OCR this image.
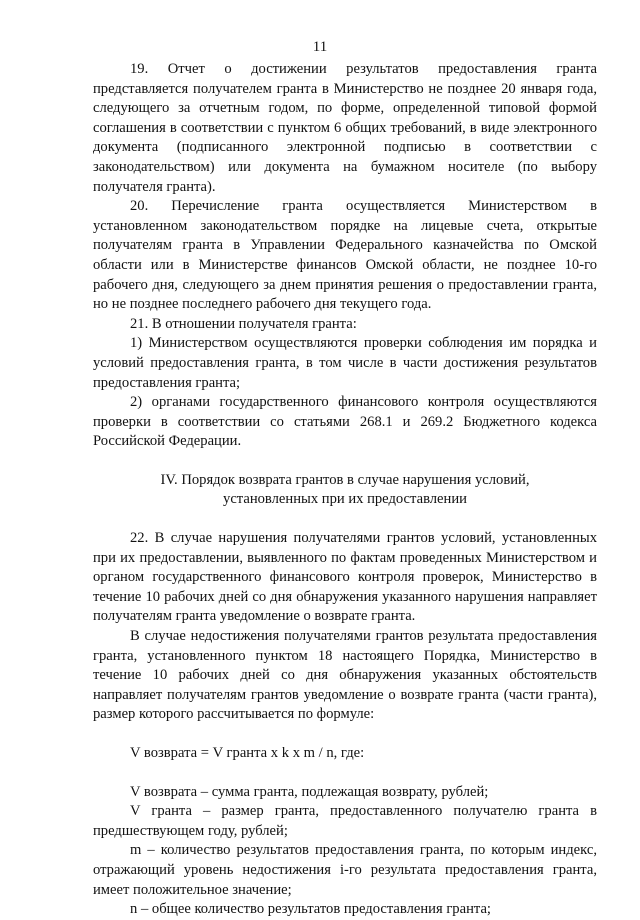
11

19. Отчет о достижении результатов предоставления гранта представляется получателем гранта в Министерство не позднее 20 января года, следующего за отчетным годом, по форме, определенной типовой формой соглашения в соответствии с пунктом 6 общих требований, в виде электронного документа (подписанного электронной подписью в соответствии с законодательством) или документа на бумажном носителе (по выбору получателя гранта).

20. Перечисление гранта осуществляется Министерством в установленном законодательством порядке на лицевые счета, открытые получателям гранта в Управлении Федерального казначейства по Омской области или в Министерстве финансов Омской области, не позднее 10-го рабочего дня, следующего за днем принятия решения о предоставлении гранта, но не позднее последнего рабочего дня текущего года.

21. В отношении получателя гранта:

1) Министерством осуществляются проверки соблюдения им порядка и условий предоставления гранта, в том числе в части достижения результатов предоставления гранта;

2) органами государственного финансового контроля осуществляются проверки в соответствии со статьями 268.1 и 269.2 Бюджетного кодекса Российской Федерации.

IV. Порядок возврата грантов в случае нарушения условий, установленных при их предоставлении

22. В случае нарушения получателями грантов условий, установленных при их предоставлении, выявленного по фактам проведенных Министерством и органом государственного финансового контроля проверок, Министерство в течение 10 рабочих дней со дня обнаружения указанного нарушения направляет получателям гранта уведомление о возврате гранта.

В случае недостижения получателями грантов результата предоставления гранта, установленного пунктом 18 настоящего Порядка, Министерство в течение 10 рабочих дней со дня обнаружения указанных обстоятельств направляет получателям грантов уведомление о возврате гранта (части гранта), размер которого рассчитывается по формуле:

V возврата = V гранта x k x m / n, где:

V возврата – сумма гранта, подлежащая возврату, рублей;

V гранта – размер гранта, предоставленного получателю гранта в предшествующем году, рублей;

m – количество результатов предоставления гранта, по которым индекс, отражающий уровень недостижения i-го результата предоставления гранта, имеет положительное значение;

n – общее количество результатов предоставления гранта;
